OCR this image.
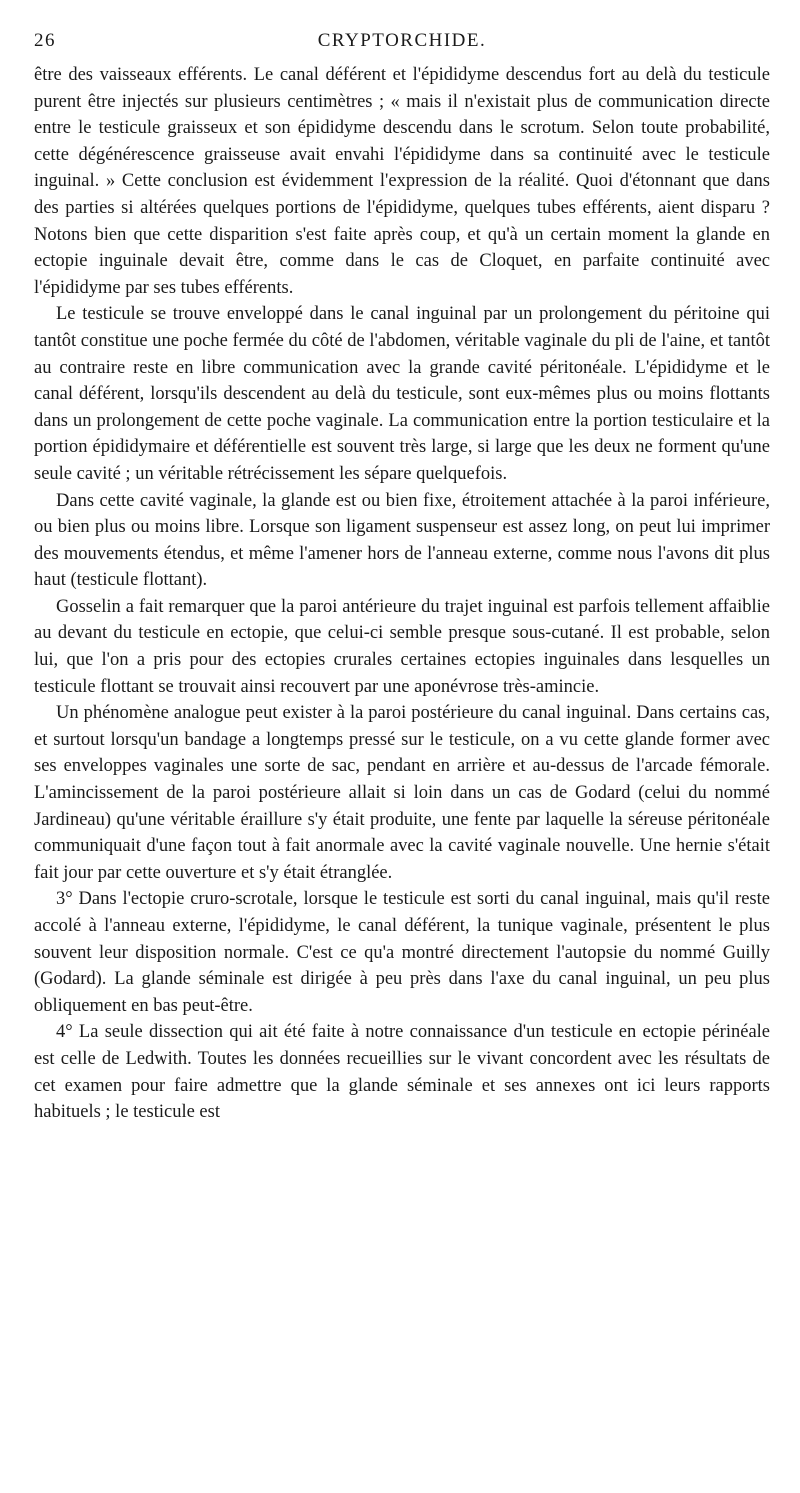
26	CRYPTORCHIDE.

être des vaisseaux efférents. Le canal déférent et l'épididyme descendus fort au delà du testicule purent être injectés sur plusieurs centimètres ; « mais il n'existait plus de communication directe entre le testicule graisseux et son épididyme descendu dans le scrotum. Selon toute probabilité, cette dégénérescence graisseuse avait envahi l'épididyme dans sa continuité avec le testicule inguinal. » Cette conclusion est évidemment l'expression de la réalité. Quoi d'étonnant que dans des parties si altérées quelques portions de l'épididyme, quelques tubes efférents, aient disparu ? Notons bien que cette disparition s'est faite après coup, et qu'à un certain moment la glande en ectopie inguinale devait être, comme dans le cas de Cloquet, en parfaite continuité avec l'épididyme par ses tubes efférents.

Le testicule se trouve enveloppé dans le canal inguinal par un prolongement du péritoine qui tantôt constitue une poche fermée du côté de l'abdomen, véritable vaginale du pli de l'aine, et tantôt au contraire reste en libre communication avec la grande cavité péritonéale. L'épididyme et le canal déférent, lorsqu'ils descendent au delà du testicule, sont eux-mêmes plus ou moins flottants dans un prolongement de cette poche vaginale. La communication entre la portion testiculaire et la portion épididymaire et déférentielle est souvent très large, si large que les deux ne forment qu'une seule cavité ; un véritable rétrécissement les sépare quelquefois.

Dans cette cavité vaginale, la glande est ou bien fixe, étroitement attachée à la paroi inférieure, ou bien plus ou moins libre. Lorsque son ligament suspenseur est assez long, on peut lui imprimer des mouvements étendus, et même l'amener hors de l'anneau externe, comme nous l'avons dit plus haut (testicule flottant).

Gosselin a fait remarquer que la paroi antérieure du trajet inguinal est parfois tellement affaiblie au devant du testicule en ectopie, que celui-ci semble presque sous-cutané. Il est probable, selon lui, que l'on a pris pour des ectopies crurales certaines ectopies inguinales dans lesquelles un testicule flottant se trouvait ainsi recouvert par une aponévrose très-amincie.

Un phénomène analogue peut exister à la paroi postérieure du canal inguinal. Dans certains cas, et surtout lorsqu'un bandage a longtemps pressé sur le testicule, on a vu cette glande former avec ses enveloppes vaginales une sorte de sac, pendant en arrière et au-dessus de l'arcade fémorale. L'amincissement de la paroi postérieure allait si loin dans un cas de Godard (celui du nommé Jardineau) qu'une véritable éraillure s'y était produite, une fente par laquelle la séreuse péritonéale communiquait d'une façon tout à fait anormale avec la cavité vaginale nouvelle. Une hernie s'était fait jour par cette ouverture et s'y était étranglée.

3° Dans l'ectopie cruro-scrotale, lorsque le testicule est sorti du canal inguinal, mais qu'il reste accolé à l'anneau externe, l'épididyme, le canal déférent, la tunique vaginale, présentent le plus souvent leur disposition normale. C'est ce qu'a montré directement l'autopsie du nommé Guilly (Godard). La glande séminale est dirigée à peu près dans l'axe du canal inguinal, un peu plus obliquement en bas peut-être.

4° La seule dissection qui ait été faite à notre connaissance d'un testicule en ectopie périnéale est celle de Ledwith. Toutes les données recueillies sur le vivant concordent avec les résultats de cet examen pour faire admettre que la glande séminale et ses annexes ont ici leurs rapports habituels ; le testicule est
